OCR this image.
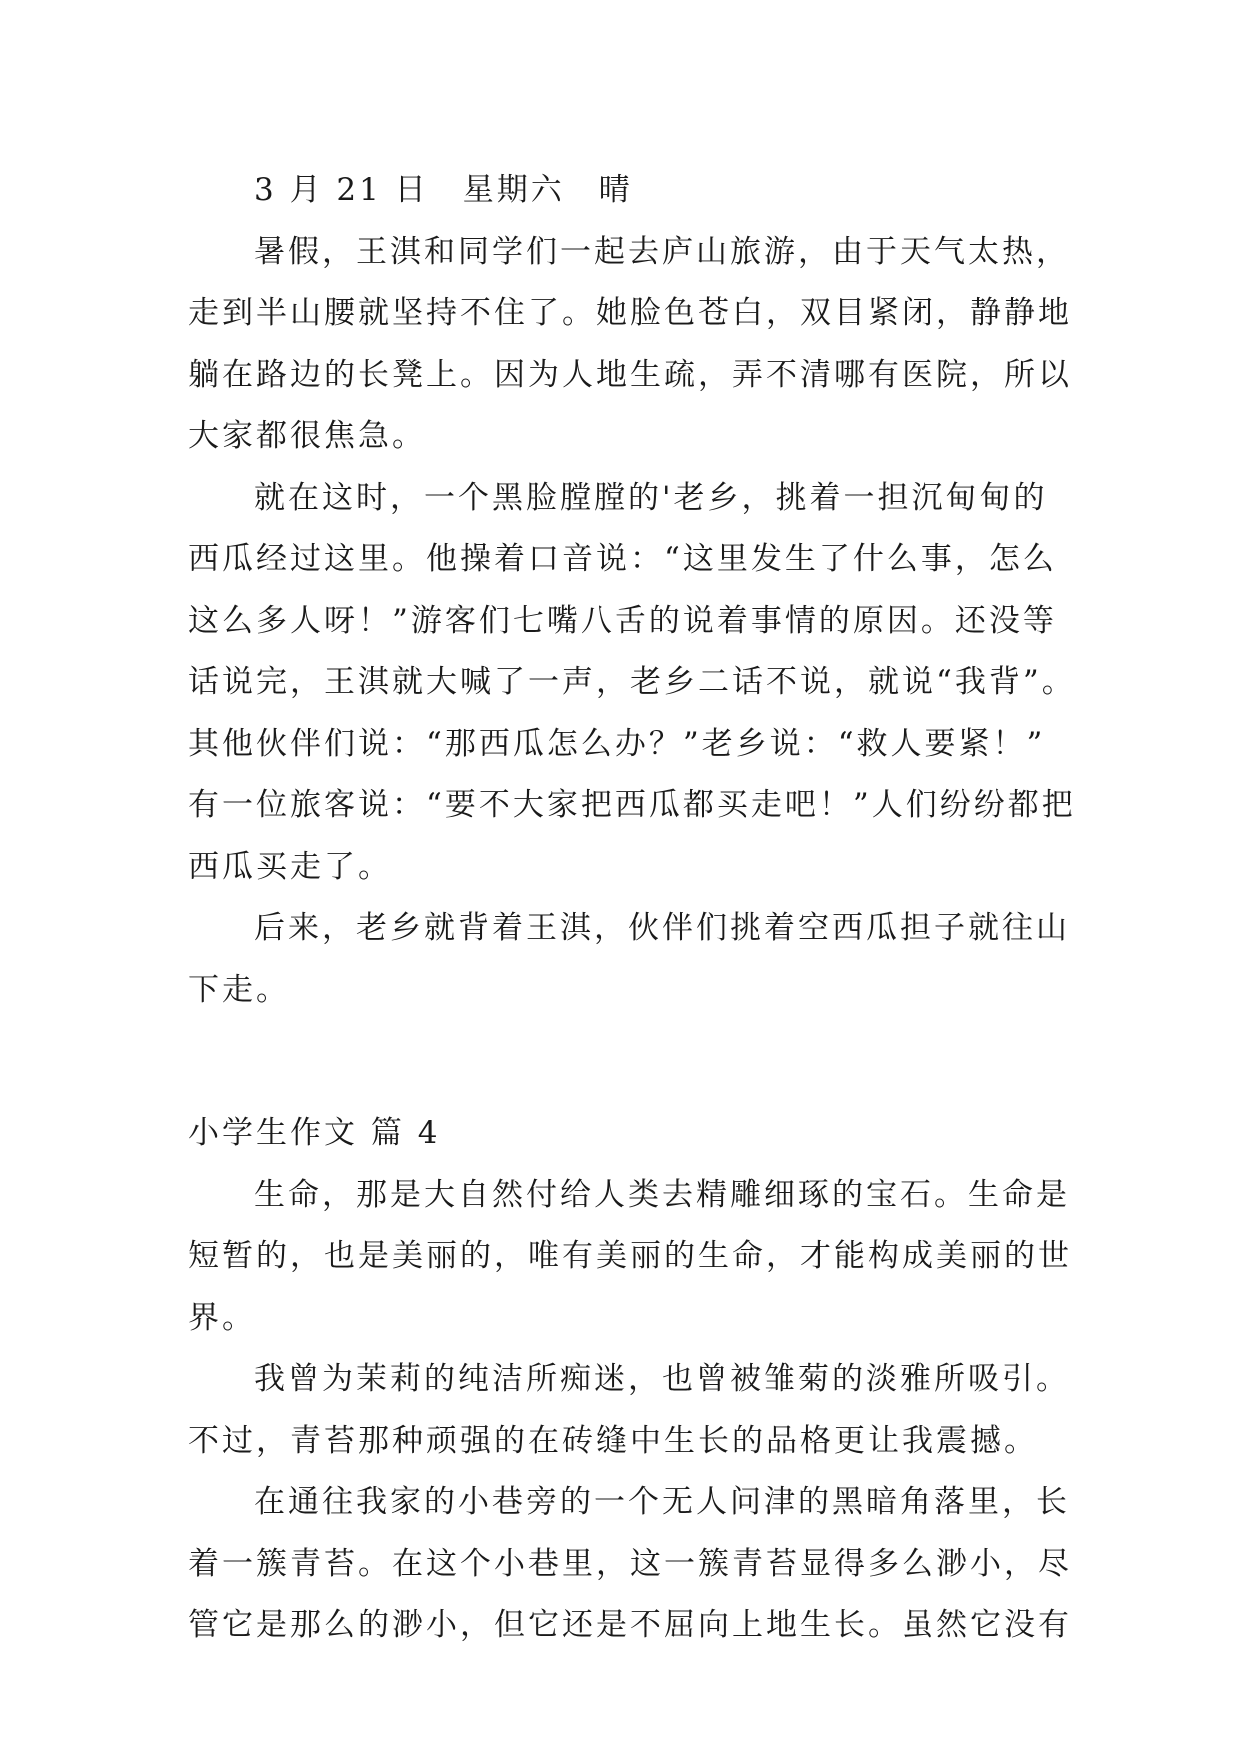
3 月 21 日　星期六　晴
暑假，王淇和同学们一起去庐山旅游，由于天气太热，
走到半山腰就坚持不住了。她脸色苍白，双目紧闭，静静地
躺在路边的长凳上。因为人地生疏，弄不清哪有医院，所以
大家都很焦急。
就在这时，一个黑脸膛膛的'老乡，挑着一担沉甸甸的
西瓜经过这里。他操着口音说：“这里发生了什么事，怎么
这么多人呀！”游客们七嘴八舌的说着事情的原因。还没等
话说完，王淇就大喊了一声，老乡二话不说，就说“我背”。
其他伙伴们说：“那西瓜怎么办？”老乡说：“救人要紧！”
有一位旅客说：“要不大家把西瓜都买走吧！”人们纷纷都把
西瓜买走了。
后来，老乡就背着王淇，伙伴们挑着空西瓜担子就往山
下走。
小学生作文 篇 4
生命，那是大自然付给人类去精雕细琢的宝石。生命是
短暂的，也是美丽的，唯有美丽的生命，才能构成美丽的世
界。
我曾为茉莉的纯洁所痴迷，也曾被雏菊的淡雅所吸引。
不过，青苔那种顽强的在砖缝中生长的品格更让我震撼。
在通往我家的小巷旁的一个无人问津的黑暗角落里，长
着一簇青苔。在这个小巷里，这一簇青苔显得多么渺小，尽
管它是那么的渺小，但它还是不屈向上地生长。虽然它没有
